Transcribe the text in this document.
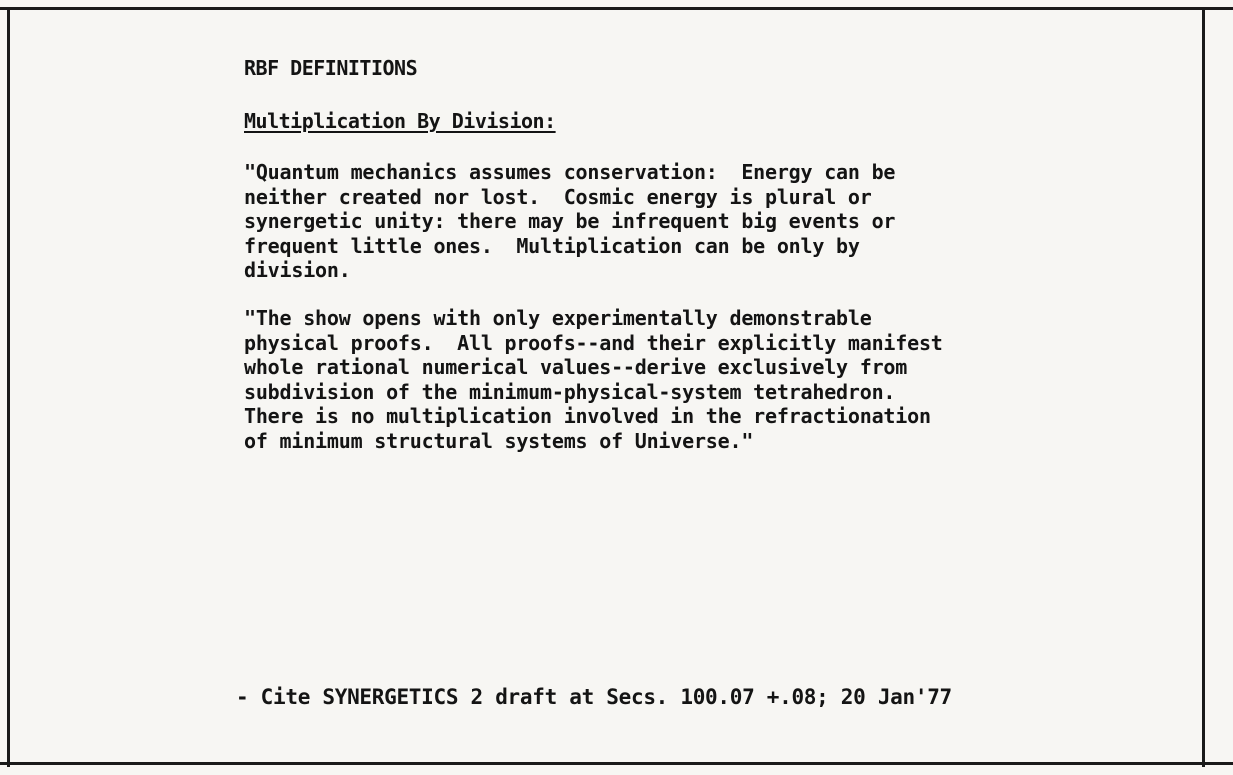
RBF DEFINITIONS

Multiplication By Division:

"Quantum mechanics assumes conservation:  Energy can be
neither created nor lost.  Cosmic energy is plural or
synergetic unity: there may be infrequent big events or
frequent little ones.  Multiplication can be only by
division.

"The show opens with only experimentally demonstrable
physical proofs.  All proofs--and their explicitly manifest
whole rational numerical values--derive exclusively from
subdivision of the minimum-physical-system tetrahedron.
There is no multiplication involved in the refractionation
of minimum structural systems of Universe."

- Cite SYNERGETICS 2 draft at Secs. 100.07 +.08; 20 Jan'77
